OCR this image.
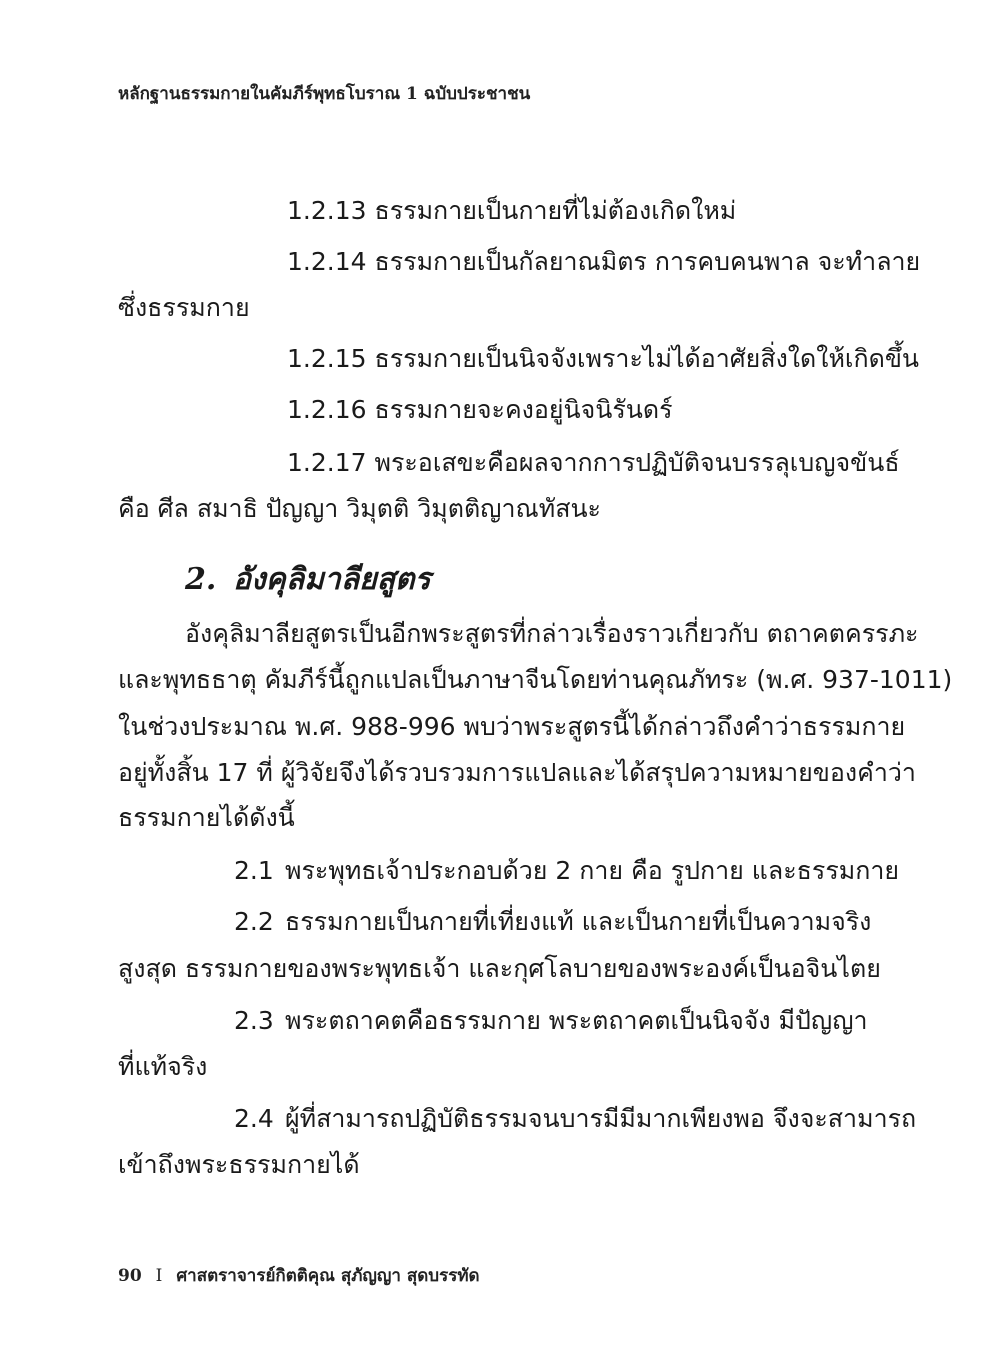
หลักฐานธรรมกายในคัมภีร์พุทธโบราณ 1 ฉบับประชาชน
1.2.13 ธรรมกายเป็นกายที่ไม่ต้องเกิดใหม่
1.2.14 ธรรมกายเป็นกัลยาณมิตร การคบคนพาล จะทำลาย
ซึ่งธรรมกาย
1.2.15 ธรรมกายเป็นนิจจังเพราะไม่ได้อาศัยสิ่งใดให้เกิดขึ้น
1.2.16 ธรรมกายจะคงอยู่นิจนิรันดร์
1.2.17 พระอเสขะคือผลจากการปฏิบัติจนบรรลุเบญจขันธ์
คือ ศีล สมาธิ ปัญญา วิมุตติ วิมุตติญาณทัสนะ
2. อังคุลิมาลียสูตร
อังคุลิมาลียสูตรเป็นอีกพระสูตรที่กล่าวเรื่องราวเกี่ยวกับ ตถาคตครรภะ
และพุทธธาตุ คัมภีร์นี้ถูกแปลเป็นภาษาจีนโดยท่านคุณภัทระ (พ.ศ. 937-1011)
ในช่วงประมาณ พ.ศ. 988-996 พบว่าพระสูตรนี้ได้กล่าวถึงคำว่าธรรมกาย
อยู่ทั้งสิ้น 17 ที่ ผู้วิจัยจึงได้รวบรวมการแปลและได้สรุปความหมายของคำว่า
ธรรมกายได้ดังนี้
2.1 พระพุทธเจ้าประกอบด้วย 2 กาย คือ รูปกาย และธรรมกาย
2.2 ธรรมกายเป็นกายที่เที่ยงแท้ และเป็นกายที่เป็นความจริง
สูงสุด ธรรมกายของพระพุทธเจ้า และกุศโลบายของพระองค์เป็นอจินไตย
2.3 พระตถาคตคือธรรมกาย พระตถาคตเป็นนิจจัง มีปัญญา
ที่แท้จริง
2.4 ผู้ที่สามารถปฏิบัติธรรมจนบารมีมีมากเพียงพอ จึงจะสามารถ
เข้าถึงพระธรรมกายได้
90 I ศาสตราจารย์กิตติคุณ สุภัญญา สุดบรรทัด
